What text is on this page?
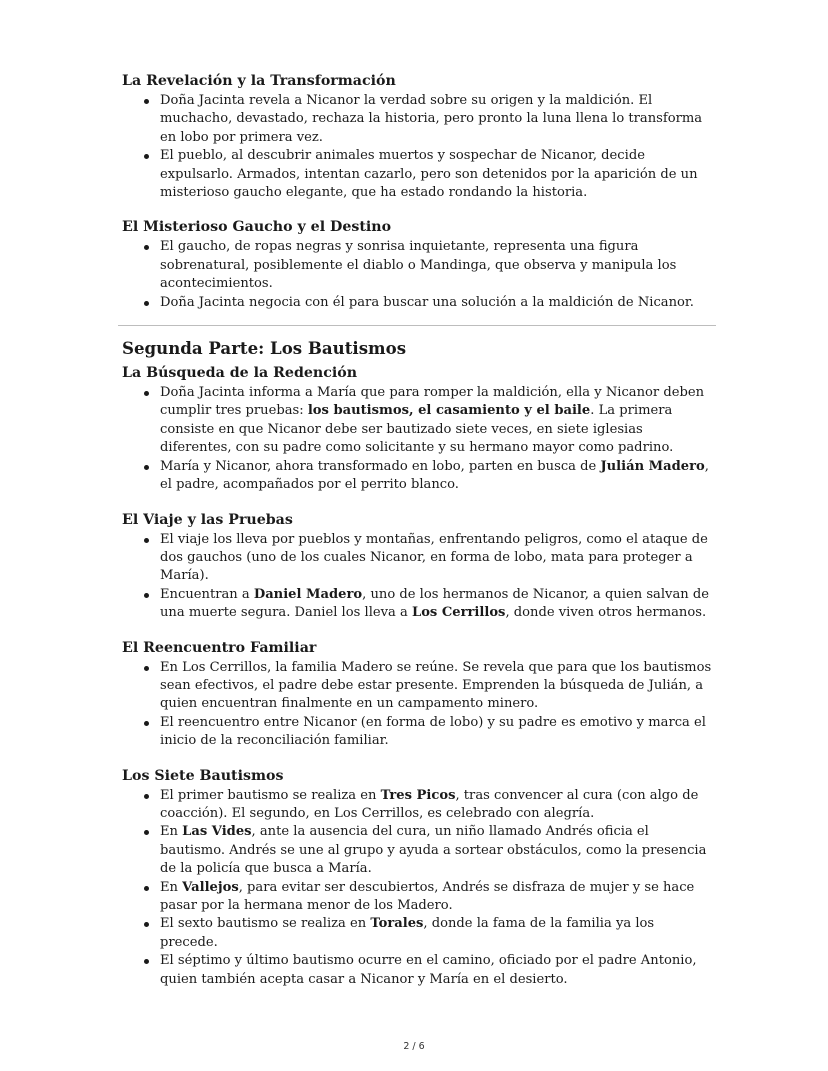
La Revelación y la Transformación
Doña Jacinta revela a Nicanor la verdad sobre su origen y la maldición. El muchacho, devastado, rechaza la historia, pero pronto la luna llena lo transforma en lobo por primera vez.
El pueblo, al descubrir animales muertos y sospechar de Nicanor, decide expulsarlo. Armados, intentan cazarlo, pero son detenidos por la aparición de un misterioso gaucho elegante, que ha estado rondando la historia.
El Misterioso Gaucho y el Destino
El gaucho, de ropas negras y sonrisa inquietante, representa una figura sobrenatural, posiblemente el diablo o Mandinga, que observa y manipula los acontecimientos.
Doña Jacinta negocia con él para buscar una solución a la maldición de Nicanor.
Segunda Parte: Los Bautismos
La Búsqueda de la Redención
Doña Jacinta informa a María que para romper la maldición, ella y Nicanor deben cumplir tres pruebas: los bautismos, el casamiento y el baile. La primera consiste en que Nicanor debe ser bautizado siete veces, en siete iglesias diferentes, con su padre como solicitante y su hermano mayor como padrino.
María y Nicanor, ahora transformado en lobo, parten en busca de Julián Madero, el padre, acompañados por el perrito blanco.
El Viaje y las Pruebas
El viaje los lleva por pueblos y montañas, enfrentando peligros, como el ataque de dos gauchos (uno de los cuales Nicanor, en forma de lobo, mata para proteger a María).
Encuentran a Daniel Madero, uno de los hermanos de Nicanor, a quien salvan de una muerte segura. Daniel los lleva a Los Cerrillos, donde viven otros hermanos.
El Reencuentro Familiar
En Los Cerrillos, la familia Madero se reúne. Se revela que para que los bautismos sean efectivos, el padre debe estar presente. Emprenden la búsqueda de Julián, a quien encuentran finalmente en un campamento minero.
El reencuentro entre Nicanor (en forma de lobo) y su padre es emotivo y marca el inicio de la reconciliación familiar.
Los Siete Bautismos
El primer bautismo se realiza en Tres Picos, tras convencer al cura (con algo de coacción). El segundo, en Los Cerrillos, es celebrado con alegría.
En Las Vides, ante la ausencia del cura, un niño llamado Andrés oficia el bautismo. Andrés se une al grupo y ayuda a sortear obstáculos, como la presencia de la policía que busca a María.
En Vallejos, para evitar ser descubiertos, Andrés se disfraza de mujer y se hace pasar por la hermana menor de los Madero.
El sexto bautismo se realiza en Torales, donde la fama de la familia ya los precede.
El séptimo y último bautismo ocurre en el camino, oficiado por el padre Antonio, quien también acepta casar a Nicanor y María en el desierto.
2 / 6
